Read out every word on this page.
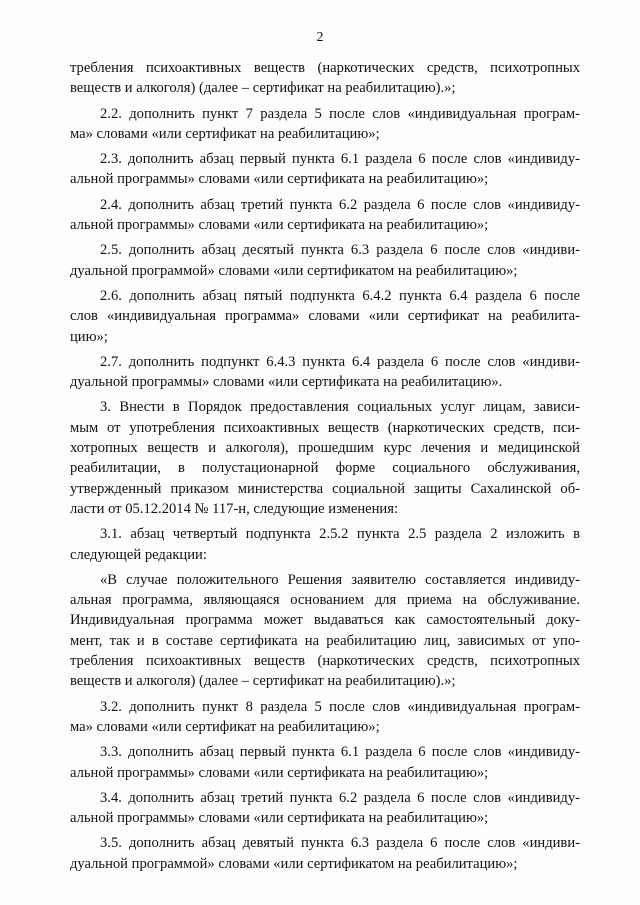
2
требления психоактивных веществ (наркотических средств, психотропных
веществ и алкоголя) (далее – сертификат на реабилитацию).»;
2.2. дополнить пункт 7 раздела 5 после слов «индивидуальная програм-
ма» словами «или сертификат на реабилитацию»;
2.3. дополнить абзац первый пункта 6.1 раздела 6 после слов «индивиду-
альной программы» словами «или сертификата на реабилитацию»;
2.4. дополнить абзац третий пункта 6.2 раздела 6 после слов «индивиду-
альной программы» словами «или сертификата на реабилитацию»;
2.5. дополнить абзац десятый пункта 6.3 раздела 6 после слов «индиви-
дуальной программой» словами «или сертификатом на реабилитацию»;
2.6. дополнить абзац пятый подпункта 6.4.2 пункта 6.4 раздела 6 после
слов «индивидуальная программа» словами «или сертификат на реабилита-
цию»;
2.7. дополнить подпункт 6.4.3 пункта 6.4 раздела 6 после слов «индиви-
дуальной программы» словами «или сертификата на реабилитацию».
3. Внести в Порядок предоставления социальных услуг лицам, зависи-
мым от употребления психоактивных веществ (наркотических средств, пси-
хотропных веществ и алкоголя), прошедшим курс лечения и медицинской
реабилитации, в полустационарной форме социального обслуживания,
утвержденный приказом министерства социальной защиты Сахалинской об-
ласти от 05.12.2014 № 117-н, следующие изменения:
3.1. абзац четвертый подпункта 2.5.2 пункта 2.5 раздела 2 изложить в
следующей редакции:
«В случае положительного Решения заявителю составляется индивиду-
альная программа, являющаяся основанием для приема на обслуживание.
Индивидуальная программа может выдаваться как самостоятельный доку-
мент, так и в составе сертификата на реабилитацию лиц, зависимых от упо-
требления психоактивных веществ (наркотических средств, психотропных
веществ и алкоголя) (далее – сертификат на реабилитацию).»;
3.2. дополнить пункт 8 раздела 5 после слов «индивидуальная програм-
ма» словами «или сертификат на реабилитацию»;
3.3. дополнить абзац первый пункта 6.1 раздела 6 после слов «индивиду-
альной программы» словами «или сертификата на реабилитацию»;
3.4. дополнить абзац третий пункта 6.2 раздела 6 после слов «индивиду-
альной программы» словами «или сертификата на реабилитацию»;
3.5. дополнить абзац девятый пункта 6.3 раздела 6 после слов «индиви-
дуальной программой» словами «или сертификатом на реабилитацию»;
